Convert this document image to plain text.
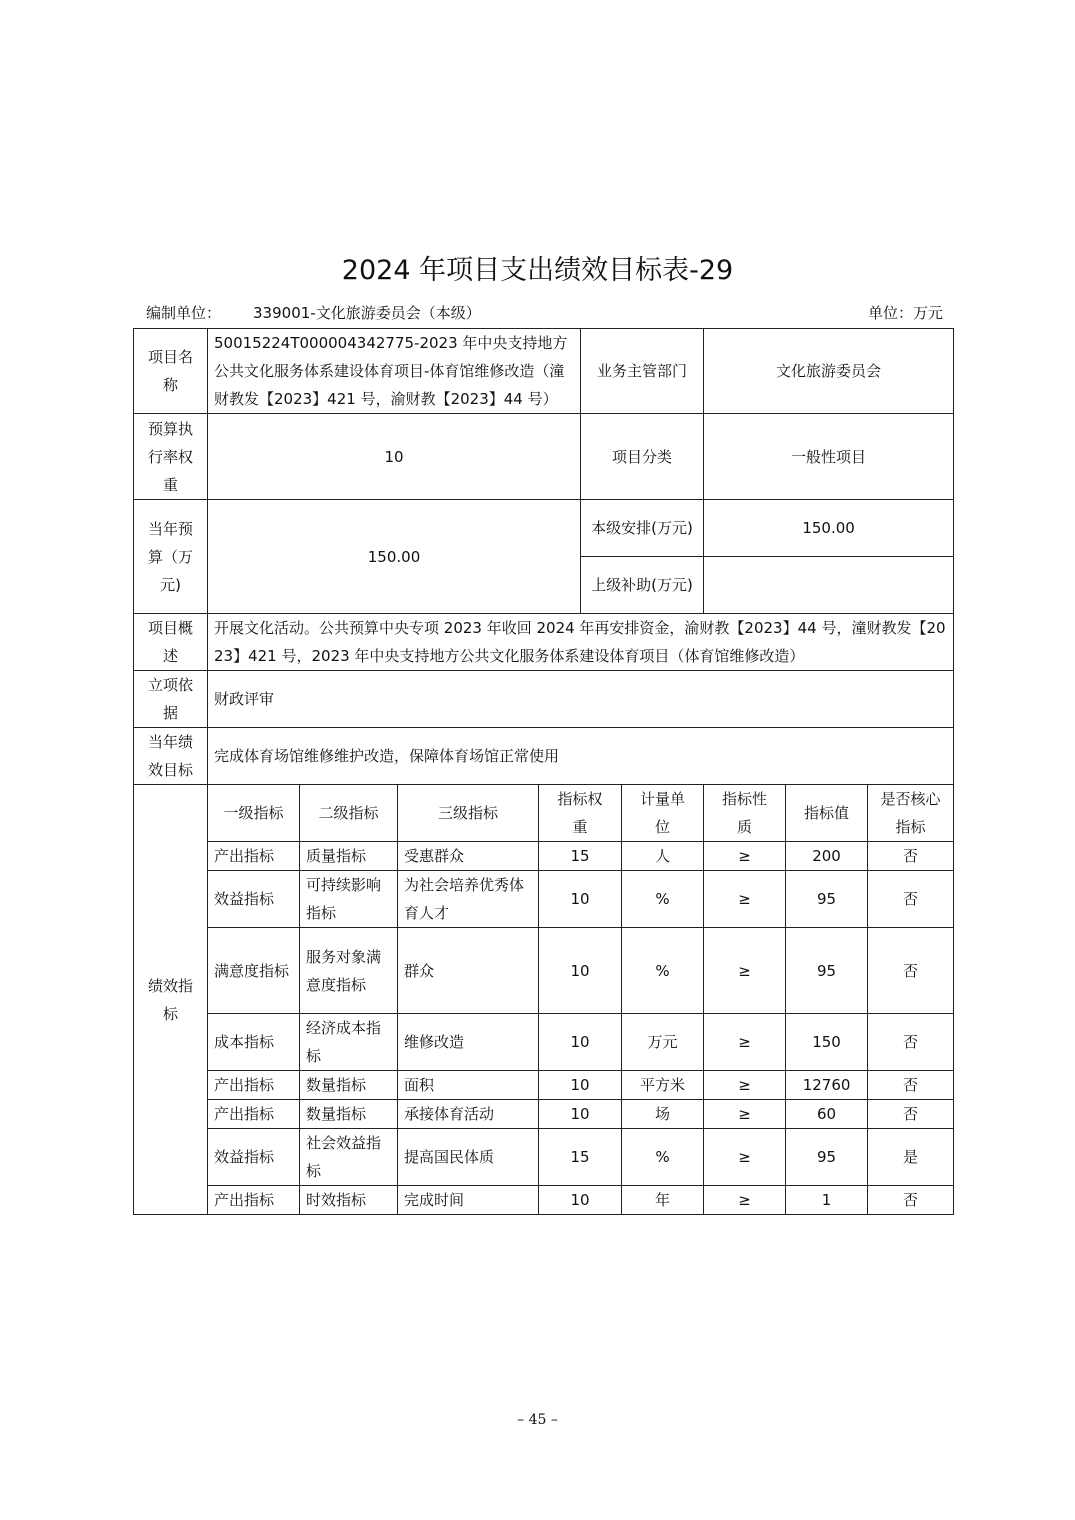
2024 年项目支出绩效目标表-29
编制单位： 339001-文化旅游委员会（本级）	单位：万元
项目名称	50015224T000004342775-2023 年中央支持地方公共文化服务体系建设体育项目-体育馆维修改造（潼财教发【2023】421 号，渝财教【2023】44 号）				业务主管部门		文化旅游委员会		
预算执行率权重	10				项目分类		一般性项目		
当年预算（万元)	150.00				本级安排(万元)		150.00		
					上级补助(万元)				
项目概述	开展文化活动。公共预算中央专项 2023 年收回 2024 年再安排资金，渝财教【2023】44 号，潼财教发【2023】421 号，2023 年中央支持地方公共文化服务体系建设体育项目（体育馆维修改造）								
立项依据	财政评审								
当年绩效目标	完成体育场馆维修维护改造，保障体育场馆正常使用								
绩效指标	一级指标	二级指标	三级指标	指标权重		计量单位	指标性质	指标值	是否核心指标
	产出指标	质量指标	受惠群众	15		人	≥	200	否
	效益指标	可持续影响指标	为社会培养优秀体育人才	10		%	≥	95	否
	满意度指标	服务对象满意度指标	群众	10		%	≥	95	否
	成本指标	经济成本指标	维修改造	10		万元	≥	150	否
	产出指标	数量指标	面积	10		平方米	≥	12760	否
	产出指标	数量指标	承接体育活动	10		场	≥	60	否
	效益指标	社会效益指标	提高国民体质	15		%	≥	95	是
	产出指标	时效指标	完成时间	10		年	≥	1	否
– 45 –
